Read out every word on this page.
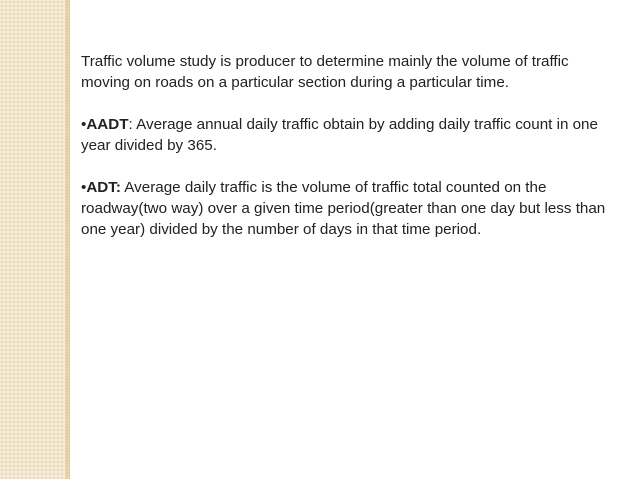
Traffic volume study is producer to determine mainly the volume of traffic moving on roads on a particular section during a particular time.

•AADT: Average annual daily traffic obtain by adding daily traffic count in one year divided by 365.

•ADT: Average daily traffic is the volume of traffic total counted on the roadway(two way) over a given time period(greater than one day but less than one year) divided by the number of days in that time period.
